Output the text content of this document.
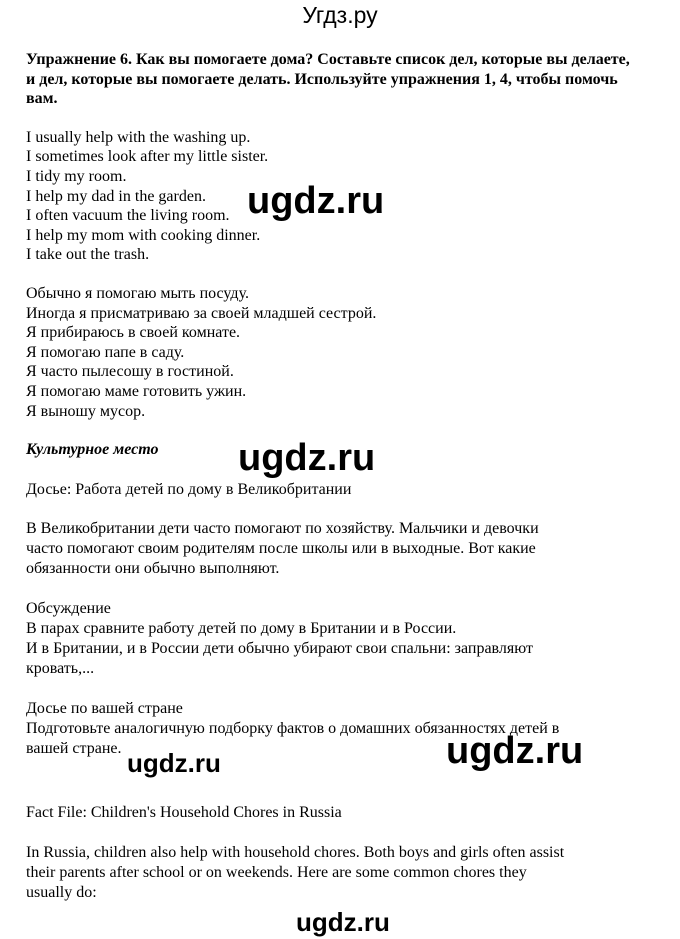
Угдз.ру

Упражнение 6. Как вы помогаете дома? Составьте список дел, которые вы делаете, и дел, которые вы помогаете делать. Используйте упражнения 1, 4, чтобы помочь вам.

I usually help with the washing up.
I sometimes look after my little sister.
I tidy my room.
I help my dad in the garden.
I often vacuum the living room.
I help my mom with cooking dinner.
I take out the trash.
Обычно я помогаю мыть посуду.
Иногда я присматриваю за своей младшей сестрой.
Я прибираюсь в своей комнате.
Я помогаю папе в саду.
Я часто пылесошу в гостиной.
Я помогаю маме готовить ужин.
Я выношу мусор.
Культурное место
Досье: Работа детей по дому в Великобритании
В Великобритании дети часто помогают по хозяйству. Мальчики и девочки
часто помогают своим родителям после школы или в выходные. Вот какие
обязанности они обычно выполняют.
Обсуждение
В парах сравните работу детей по дому в Британии и в России.
И в Британии, и в России дети обычно убирают свои спальни: заправляют
кровать,...
Досье по вашей стране
Подготовьте аналогичную подборку фактов о домашних обязанностях детей в
вашей стране.
Fact File: Children's Household Chores in Russia
In Russia, children also help with household chores. Both boys and girls often assist
their parents after school or on weekends. Here are some common chores they
usually do:
ugdz.ru
ugdz.ru
ugdz.ru
ugdz.ru
ugdz.ru
